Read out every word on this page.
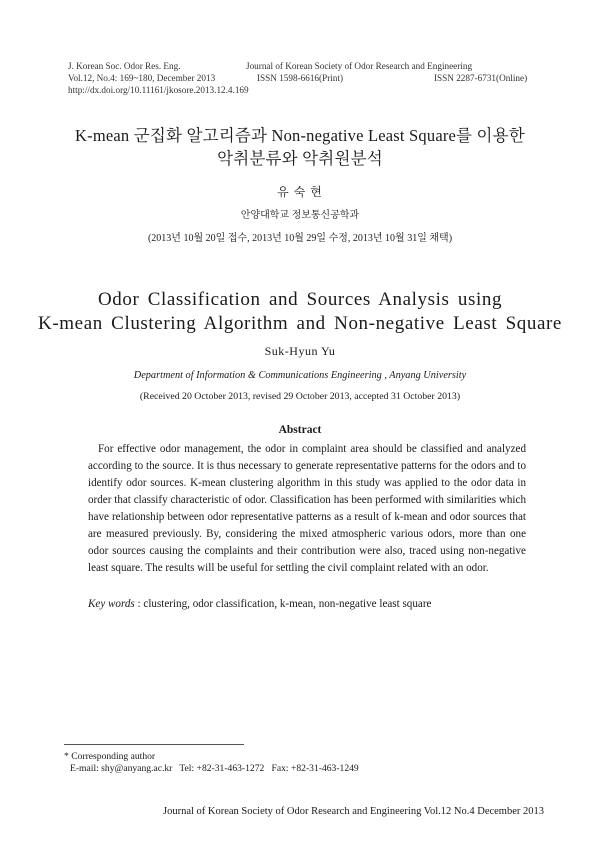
J. Korean Soc. Odor Res. Eng.
Vol.12, No.4: 169~180, December 2013
http://dx.doi.org/10.11161/jkosore.2013.12.4.169
Journal of Korean Society of Odor Research and Engineering
ISSN 1598-6616(Print)	ISSN 2287-6731(Online)
K-mean 군집화 알고리즘과 Non-negative Least Square를 이용한
악취분류와 악취원분석
유 숙 현
안양대학교 정보통신공학과
(2013년 10월 20일 접수, 2013년 10월 29일 수정, 2013년 10월 31일 채택)
Odor Classification and Sources Analysis using
K-mean Clustering Algorithm and Non-negative Least Square
Suk-Hyun Yu
Department of Information & Communications Engineering , Anyang University
(Received 20 October 2013, revised 29 October 2013, accepted 31 October 2013)
Abstract

For effective odor management, the odor in complaint area should be classified and analyzed according to the source. It is thus necessary to generate representative patterns for the odors and to identify odor sources. K-mean clustering algorithm in this study was applied to the odor data in order that classify characteristic of odor. Classification has been performed with similarities which have relationship between odor representative patterns as a result of k-mean and odor sources that are measured previously. By, considering the mixed atmospheric various odors, more than one odor sources causing the complaints and their contribution were also, traced using non-negative least square. The results will be useful for settling the civil complaint related with an odor.

Key words : clustering, odor classification, k-mean, non-negative least square
* Corresponding author
E-mail: shy@anyang.ac.kr   Tel: +82-31-463-1272   Fax: +82-31-463-1249
Journal of Korean Society of Odor Research and Engineering Vol.12 No.4 December 2013
